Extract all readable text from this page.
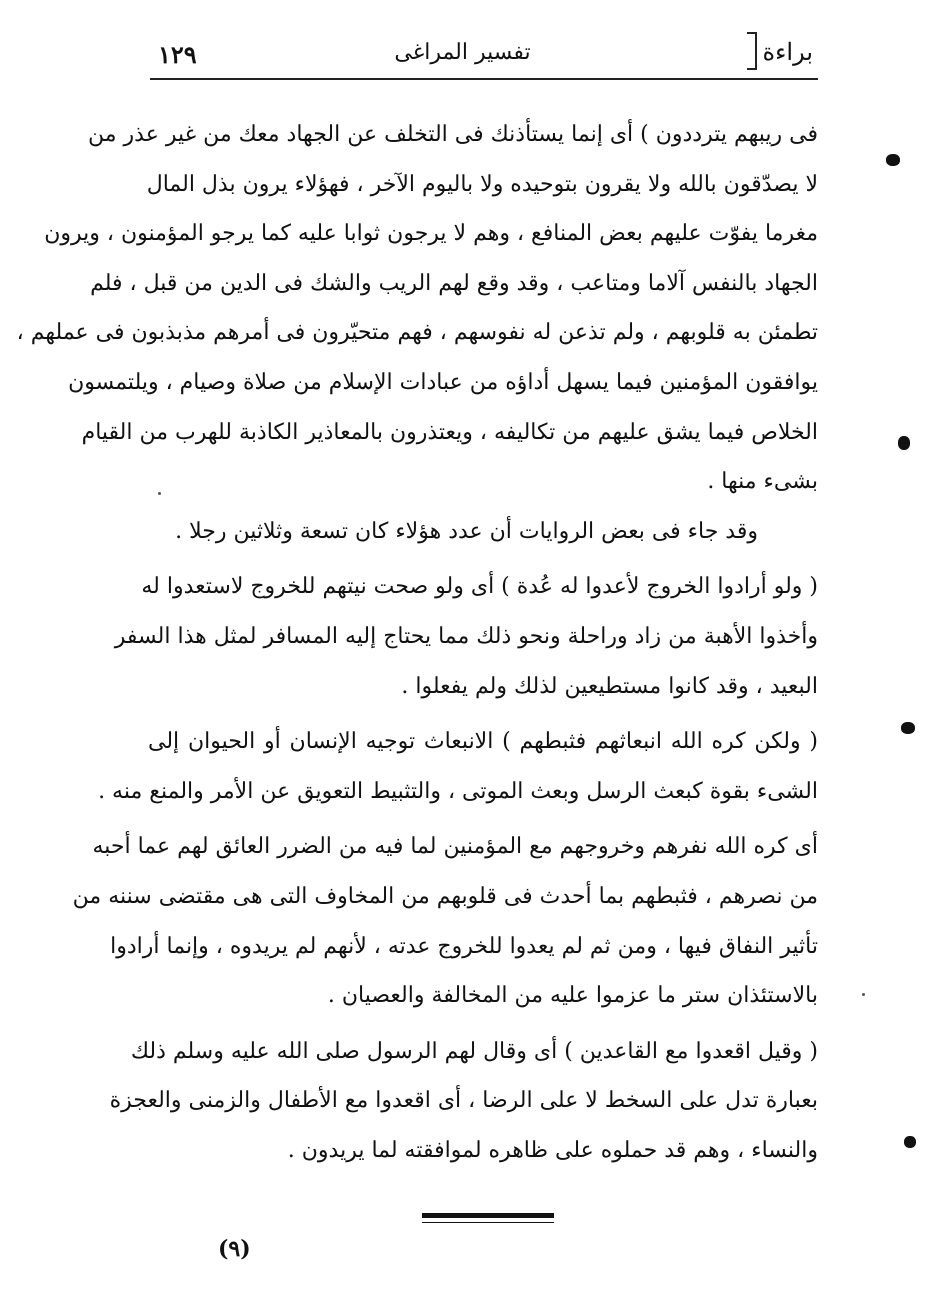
١٢٩	تفسير المراغى	براءة
فى ريبهم يترددون ) أى إنما يستأذنك فى التخلف عن الجهاد معك من غير عذر من
لا يصدّقون بالله ولا يقرون بتوحيده ولا باليوم الآخر ، فهؤلاء يرون بذل المال
مغرما يفوّت عليهم بعض المنافع ، وهم لا يرجون ثوابا عليه كما يرجو المؤمنون ، ويرون
الجهاد بالنفس آلاما ومتاعب ، وقد وقع لهم الريب والشك فى الدين من قبل ، فلم
تطمئن به قلوبهم ، ولم تذعن له نفوسهم ، فهم متحيّرون فى أمرهم مذبذبون فى عملهم ،
يوافقون المؤمنين فيما يسهل أداؤه من عبادات الإسلام من صلاة وصيام ، ويلتمسون
الخلاص فيما يشق عليهم من تكاليفه ، ويعتذرون بالمعاذير الكاذبة للهرب من القيام
بشىء منها .
وقد جاء فى بعض الروايات أن عدد هؤلاء كان تسعة وثلاثين رجلا .
( ولو أرادوا الخروج لأعدوا له عُدة ) أى ولو صحت نيتهم للخروج لاستعدوا له
وأخذوا الأهبة من زاد وراحلة ونحو ذلك مما يحتاج إليه المسافر لمثل هذا السفر
البعيد ، وقد كانوا مستطيعين لذلك ولم يفعلوا .
( ولكن كره الله انبعاثهم فثبطهم ) الانبعاث توجيه الإنسان أو الحيوان إلى
الشىء بقوة كبعث الرسل وبعث الموتى ، والتثبيط التعويق عن الأمر والمنع منه .
أى كره الله نفرهم وخروجهم مع المؤمنين لما فيه من الضرر العائق لهم عما أحبه
من نصرهم ، فثبطهم بما أحدث فى قلوبهم من المخاوف التى هى مقتضى سننه من
تأثير النفاق فيها ، ومن ثم لم يعدوا للخروج عدته ، لأنهم لم يريدوه ، وإنما أرادوا
بالاستئذان ستر ما عزموا عليه من المخالفة والعصيان .
( وقيل اقعدوا مع القاعدين ) أى وقال لهم الرسول صلى الله عليه وسلم ذلك
بعبارة تدل على السخط لا على الرضا ، أى اقعدوا مع الأطفال والزمنى والعجزة
والنساء ، وهم قد حملوه على ظاهره لموافقته لما يريدون .
(٩)
